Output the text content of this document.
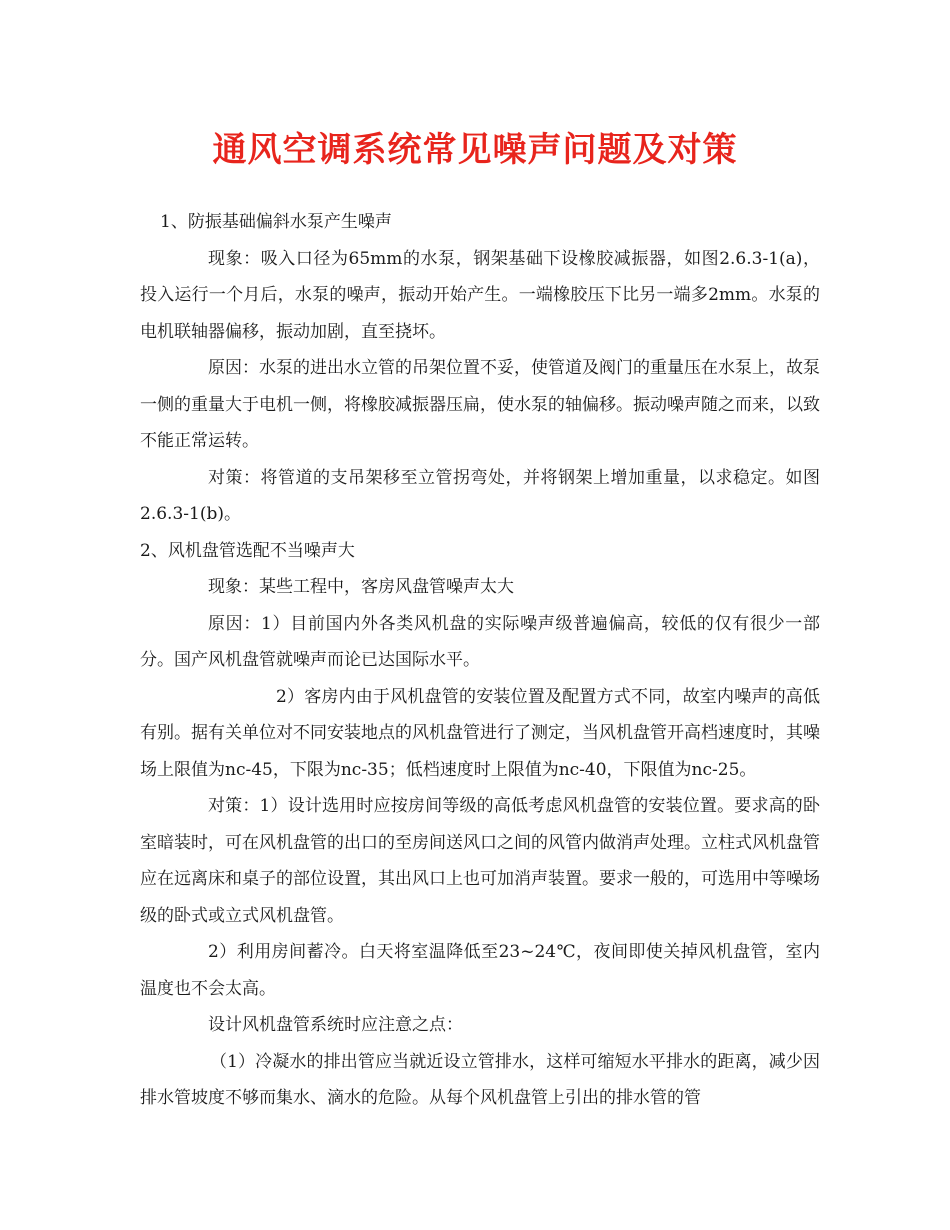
通风空调系统常见噪声问题及对策

1、防振基础偏斜水泵产生噪声

现象：吸入口径为65mm的水泵，钢架基础下设橡胶减振器，如图2.6.3-1(a)，投入运行一个月后，水泵的噪声，振动开始产生。一端橡胶压下比另一端多2mm。水泵的电机联轴器偏移，振动加剧，直至挠坏。

原因：水泵的进出水立管的吊架位置不妥，使管道及阀门的重量压在水泵上，故泵一侧的重量大于电机一侧，将橡胶减振器压扁，使水泵的轴偏移。振动噪声随之而来，以致不能正常运转。

对策：将管道的支吊架移至立管拐弯处，并将钢架上增加重量，以求稳定。如图2.6.3-1(b)。

2、风机盘管选配不当噪声大

现象：某些工程中，客房风盘管噪声太大

原因：1）目前国内外各类风机盘的实际噪声级普遍偏高，较低的仅有很少一部分。国产风机盘管就噪声而论已达国际水平。

2）客房内由于风机盘管的安装位置及配置方式不同，故室内噪声的高低有别。据有关单位对不同安装地点的风机盘管进行了测定，当风机盘管开高档速度时，其噪场上限值为nc-45，下限为nc-35；低档速度时上限值为nc-40，下限值为nc-25。

对策：1）设计选用时应按房间等级的高低考虑风机盘管的安装位置。要求高的卧室暗装时，可在风机盘管的出口的至房间送风口之间的风管内做消声处理。立柱式风机盘管应在远离床和桌子的部位设置，其出风口上也可加消声装置。要求一般的，可选用中等噪场级的卧式或立式风机盘管。

2）利用房间蓄冷。白天将室温降低至23~24℃，夜间即使关掉风机盘管，室内温度也不会太高。

设计风机盘管系统时应注意之点：

（1）冷凝水的排出管应当就近设立管排水，这样可缩短水平排水的距离，减少因排水管坡度不够而集水、滴水的危险。从每个风机盘管上引出的排水管的管
